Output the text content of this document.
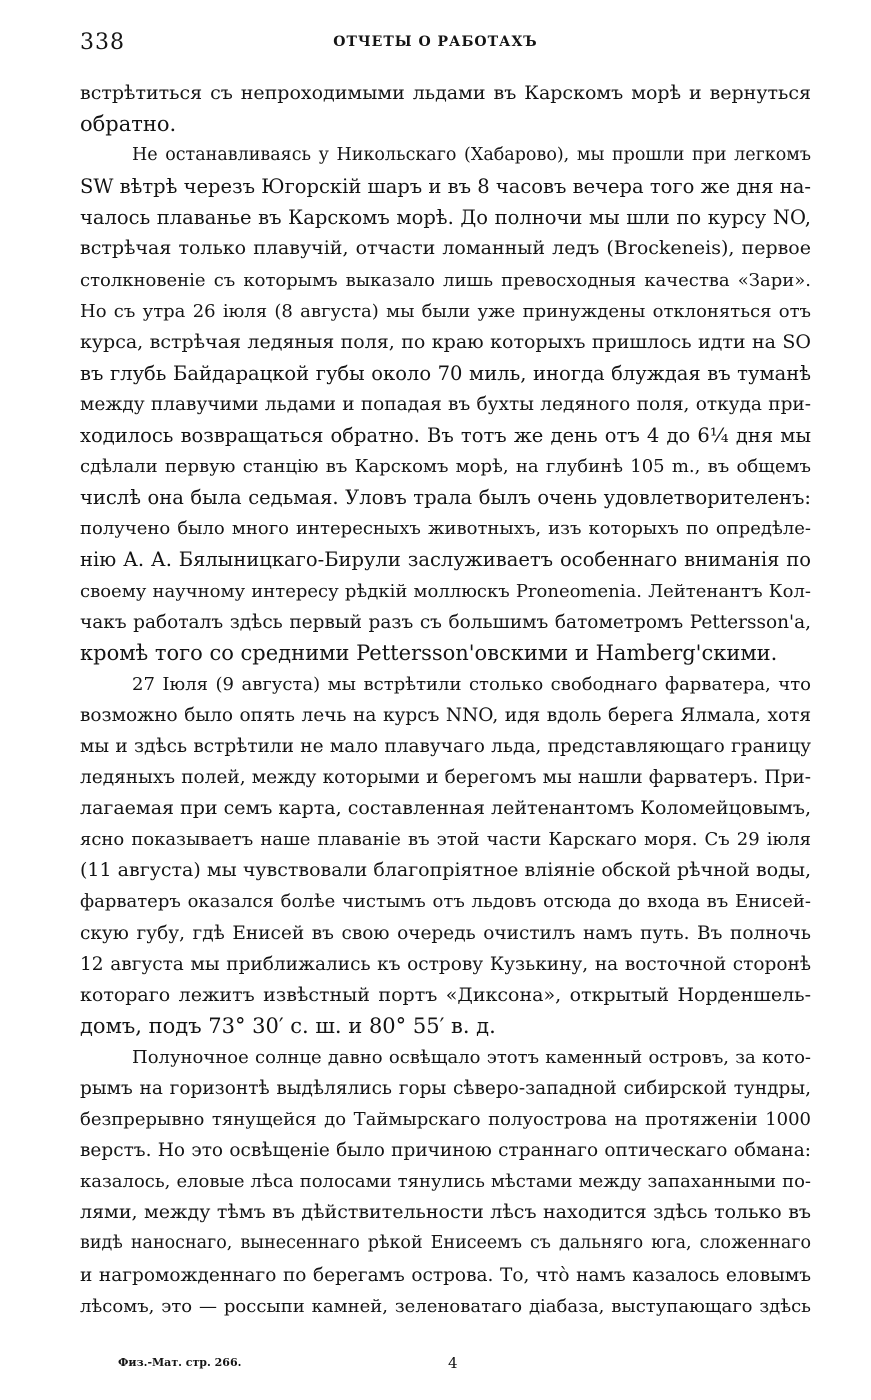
338	ОТЧЕТЫ О РАБОТАХЪ
встрѣтиться съ непроходимыми льдами въ Карскомъ морѣ и вернуться
обратно.
Не останавливаясь у Никольскаго (Хабарово), мы прошли при легкомъ
SW вѣтрѣ черезъ Югорскій шаръ и въ 8 часовъ вечера того же дня на-
чалось плаванье въ Карскомъ морѣ. До полночи мы шли по курсу NO,
встрѣчая только плавучій, отчасти ломанный ледъ (Brockeneis), первое
столкновеніе съ которымъ выказало лишь превосходныя качества «Зари».
Но съ утра 26 іюля (8 августа) мы были уже принуждены отклоняться отъ
курса, встрѣчая ледяныя поля, по краю которыхъ пришлось идти на SO
въ глубь Байдарацкой губы около 70 миль, иногда блуждая въ туманѣ
между плавучими льдами и попадая въ бухты ледяного поля, откуда при-
ходилось возвращаться обратно. Въ тотъ же день отъ 4 до 6¼ дня мы
сдѣлали первую станцію въ Карскомъ морѣ, на глубинѣ 105 m., въ общемъ
числѣ она была седьмая. Уловъ трала былъ очень удовлетворителенъ:
получено было много интересныхъ животныхъ, изъ которыхъ по опредѣле-
нію А. А. Бялыницкаго-Бирули заслуживаетъ особеннаго вниманія по
своему научному интересу рѣдкій моллюскъ Proneomenia. Лейтенантъ Кол-
чакъ работалъ здѣсь первый разъ съ большимъ батометромъ Pettersson'а,
кромѣ того со средними Pettersson'овскими и Hamberg'скими.
27 Іюля (9 августа) мы встрѣтили столько свободнаго фарватера, что
возможно было опять лечь на курсъ NNO, идя вдоль берега Ялмала, хотя
мы и здѣсь встрѣтили не мало плавучаго льда, представляющаго границу
ледяныхъ полей, между которыми и берегомъ мы нашли фарватеръ. При-
лагаемая при семъ карта, составленная лейтенантомъ Коломейцовымъ,
ясно показываетъ наше плаваніе въ этой части Карскаго моря. Съ 29 іюля
(11 августа) мы чувствовали благопріятное вліяніе обской рѣчной воды,
фарватеръ оказался болѣе чистымъ отъ льдовъ отсюда до входа въ Енисей-
скую губу, гдѣ Енисей въ свою очередь очистилъ намъ путь. Въ полночь
12 августа мы приближались къ острову Кузькину, на восточной сторонѣ
котораго лежитъ извѣстный портъ «Диксона», открытый Норденшель-
домъ, подъ 73° 30′ с. ш. и 80° 55′ в. д.
Полуночное солнце давно освѣщало этотъ каменный островъ, за кото-
рымъ на горизонтѣ выдѣлялись горы сѣверо-западной сибирской тундры,
безпрерывно тянущейся до Таймырскаго полуострова на протяженіи 1000
верстъ. Но это освѣщеніе было причиною страннаго оптическаго обмана:
казалось, еловые лѣса полосами тянулись мѣстами между запаханными по-
лями, между тѣмъ въ дѣйствительности лѣсъ находится здѣсь только въ
видѣ наноснаго, вынесеннаго рѣкой Енисеемъ съ дальняго юга, сложеннаго
и нагроможденнаго по берегамъ острова. То, что̀ намъ казалось еловымъ
лѣсомъ, это — россыпи камней, зеленоватаго діабаза, выступающаго здѣсь
Физ.-Мат. стр. 266.	4
